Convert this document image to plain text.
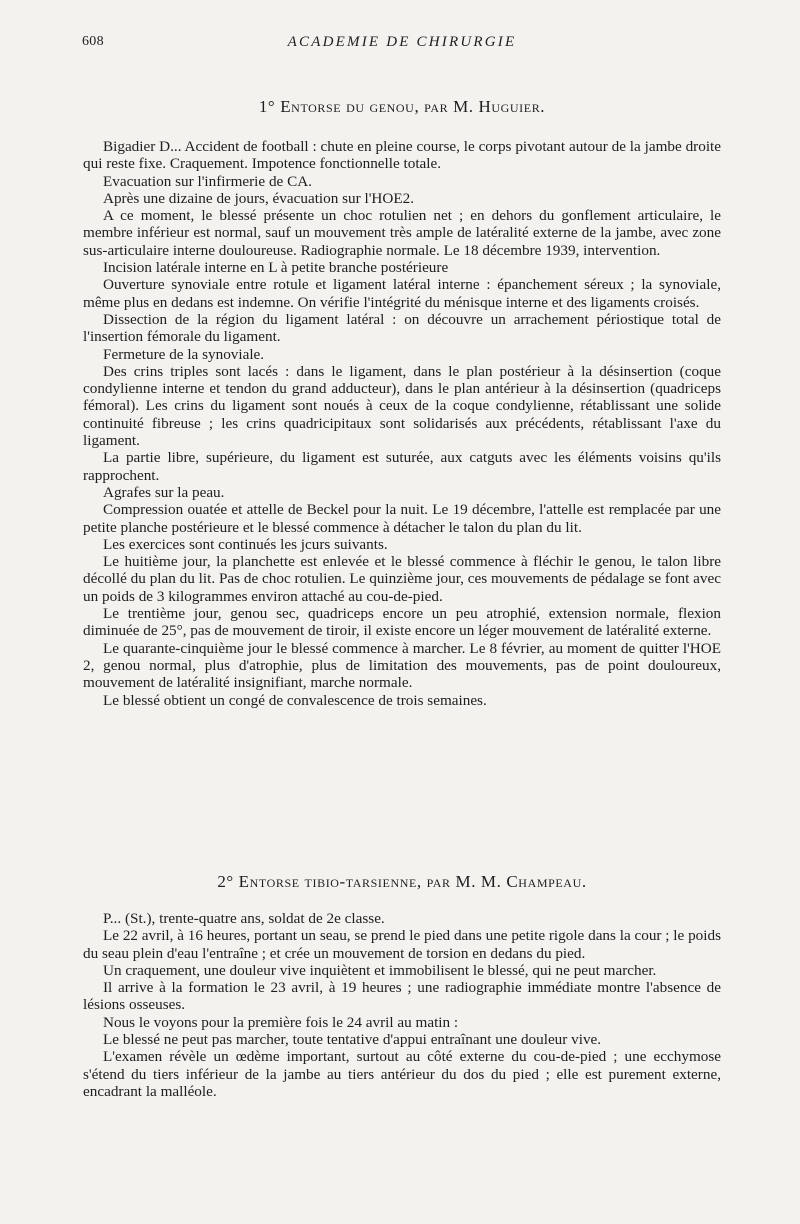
608	ACADEMIE DE CHIRURGIE
1° Entorse du genou, par M. Huguier.

Bigadier D... Accident de football : chute en pleine course, le corps pivotant autour de la jambe droite qui reste fixe. Craquement. Impotence fonctionnelle totale.

Evacuation sur l'infirmerie de CA.

Après une dizaine de jours, évacuation sur l'HOE2.

A ce moment, le blessé présente un choc rotulien net ; en dehors du gonflement articulaire, le membre inférieur est normal, sauf un mouvement très ample de latéralité externe de la jambe, avec zone sus-articulaire interne douloureuse. Radiographie normale. Le 18 décembre 1939, intervention.

Incision latérale interne en L à petite branche postérieure

Ouverture synoviale entre rotule et ligament latéral interne : épanchement séreux ; la synoviale, même plus en dedans est indemne. On vérifie l'intégrité du ménisque interne et des ligaments croisés.

Dissection de la région du ligament latéral : on découvre un arrachement périostique total de l'insertion fémorale du ligament.

Fermeture de la synoviale.

Des crins triples sont lacés : dans le ligament, dans le plan postérieur à la désinsertion (coque condylienne interne et tendon du grand adducteur), dans le plan antérieur à la désinsertion (quadriceps fémoral). Les crins du ligament sont noués à ceux de la coque condylienne, rétablissant une solide continuité fibreuse ; les crins quadricipitaux sont solidarisés aux précédents, rétablissant l'axe du ligament.

La partie libre, supérieure, du ligament est suturée, aux catguts avec les éléments voisins qu'ils rapprochent.

Agrafes sur la peau.

Compression ouatée et attelle de Beckel pour la nuit. Le 19 décembre, l'attelle est remplacée par une petite planche postérieure et le blessé commence à détacher le talon du plan du lit.

Les exercices sont continués les jcurs suivants.

Le huitième jour, la planchette est enlevée et le blessé commence à fléchir le genou, le talon libre décollé du plan du lit. Pas de choc rotulien. Le quinzième jour, ces mouvements de pédalage se font avec un poids de 3 kilogrammes environ attaché au cou-de-pied.

Le trentième jour, genou sec, quadriceps encore un peu atrophié, extension normale, flexion diminuée de 25°, pas de mouvement de tiroir, il existe encore un léger mouvement de latéralité externe.

Le quarante-cinquième jour le blessé commence à marcher. Le 8 février, au moment de quitter l'HOE 2, genou normal, plus d'atrophie, plus de limitation des mouvements, pas de point douloureux, mouvement de latéralité insignifiant, marche normale.

Le blessé obtient un congé de convalescence de trois semaines.

2° Entorse tibio-tarsienne, par M. M. Champeau.

P... (St.), trente-quatre ans, soldat de 2e classe.

Le 22 avril, à 16 heures, portant un seau, se prend le pied dans une petite rigole dans la cour ; le poids du seau plein d'eau l'entraîne ; et crée un mouvement de torsion en dedans du pied.

Un craquement, une douleur vive inquiètent et immobilisent le blessé, qui ne peut marcher.

Il arrive à la formation le 23 avril, à 19 heures ; une radiographie immédiate montre l'absence de lésions osseuses.

Nous le voyons pour la première fois le 24 avril au matin :

Le blessé ne peut pas marcher, toute tentative d'appui entraînant une douleur vive.

L'examen révèle un œdème important, surtout au côté externe du cou-de-pied ; une ecchymose s'étend du tiers inférieur de la jambe au tiers antérieur du dos du pied ; elle est purement externe, encadrant la malléole.
